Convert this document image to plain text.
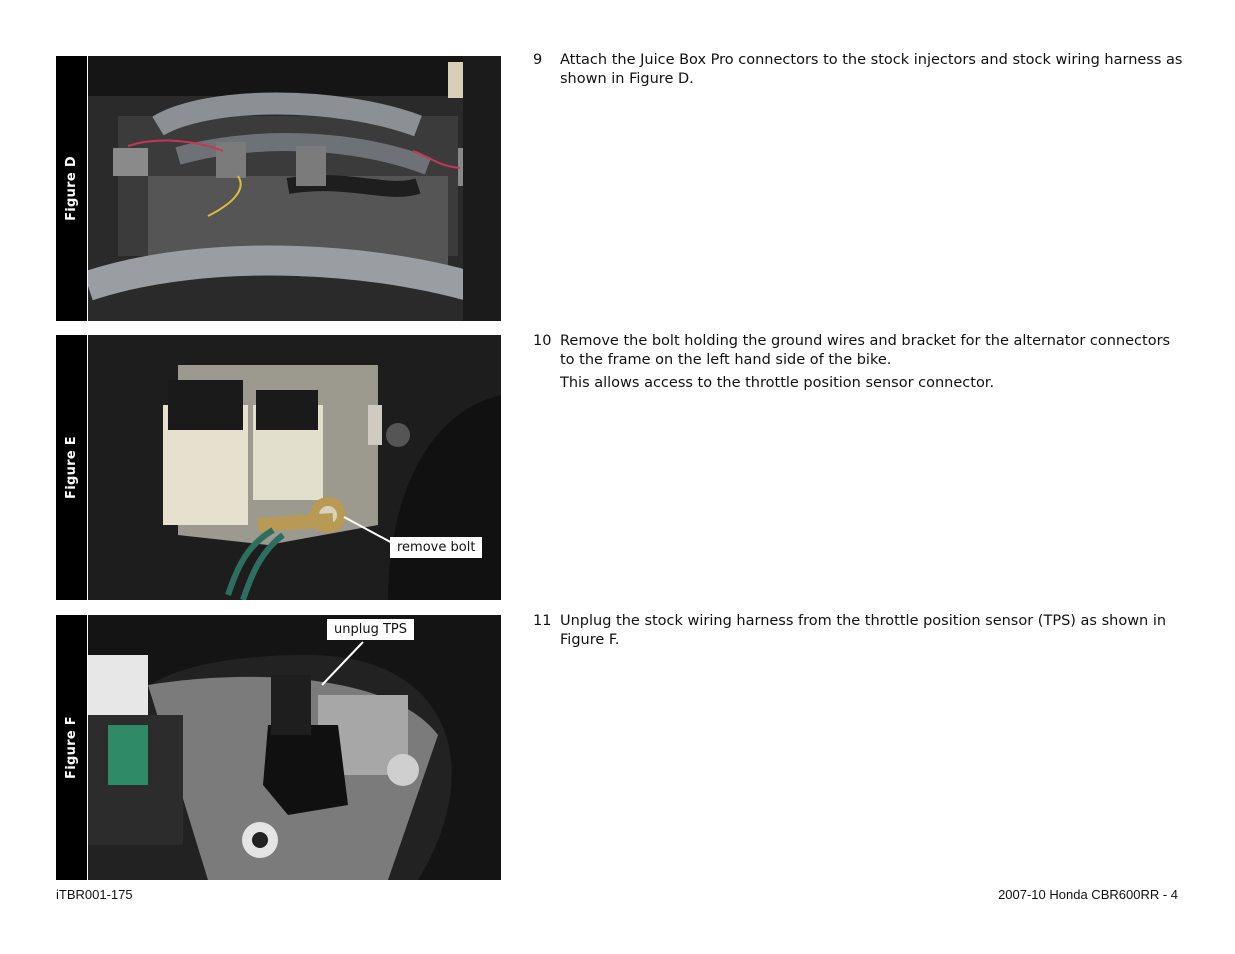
Figure D
Figure E
remove bolt
Figure F
unplug TPS
9 Attach the Juice Box Pro connectors to the stock injectors and stock wiring harness as shown in Figure D.

10 Remove the bolt holding the ground wires and bracket for the alternator connectors to the frame on the left hand side of the bike.

This allows access to the throttle position sensor connector.

11 Unplug the stock wiring harness from the throttle position sensor (TPS) as shown in Figure F.

iTBR001-175	2007-10 Honda CBR600RR - 4
